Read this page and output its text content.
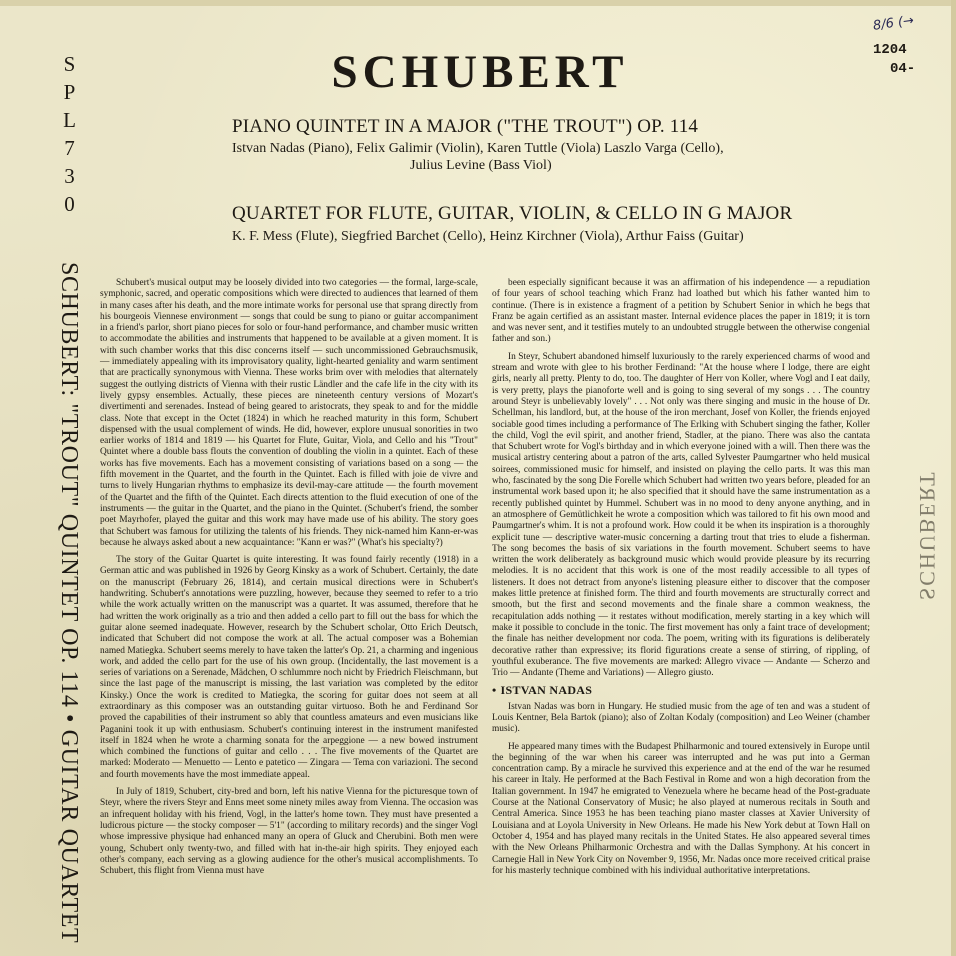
S
P
L
7
3
0
SCHUBERT: "TROUT" QUINTET OP. 114 • GUITAR QUARTET
8/6 (→
1204
04-
SCHUBERT
PIANO QUINTET IN A MAJOR ("THE TROUT") OP. 114
Istvan Nadas (Piano), Felix Galimir (Violin), Karen Tuttle (Viola) Laszlo Varga (Cello),
Julius Levine (Bass Viol)
QUARTET FOR FLUTE, GUITAR, VIOLIN, & CELLO IN G MAJOR
K. F. Mess (Flute), Siegfried Barchet (Cello), Heinz Kirchner (Viola), Arthur Faiss (Guitar)

Schubert's musical output may be loosely divided into two categories — the formal, large-scale, symphonic, sacred, and operatic compositions which were directed to audiences that learned of them in many cases after his death, and the more intimate works for personal use that sprang directly from his bourgeois Viennese environment — songs that could be sung to piano or guitar accompaniment in a friend's parlor, short piano pieces for solo or four-hand performance, and chamber music written to accommodate the abilities and instruments that happened to be available at a given moment. It is with such chamber works that this disc concerns itself — such uncommissioned Gebrauchsmusik, — immediately appealing with its improvisatory quality, light-hearted geniality and warm sentiment that are practically synonymous with Vienna. These works brim over with melodies that alternately suggest the outlying districts of Vienna with their rustic Ländler and the cafe life in the city with its lively gypsy ensembles. Actually, these pieces are nineteenth century versions of Mozart's divertimenti and serenades. Instead of being geared to aristocrats, they speak to and for the middle class. Note that except in the Octet (1824) in which he reached maturity in this form, Schubert dispensed with the usual complement of winds. He did, however, explore unusual sonorities in two earlier works of 1814 and 1819 — his Quartet for Flute, Guitar, Viola, and Cello and his "Trout" Quintet where a double bass flouts the convention of doubling the violin in a quintet. Each of these works has five movements. Each has a movement consisting of variations based on a song — the fifth movement in the Quartet, and the fourth in the Quintet. Each is filled with joie de vivre and turns to lively Hungarian rhythms to emphasize its devil-may-care attitude — the fourth movement of the Quartet and the fifth of the Quintet. Each directs attention to the fluid execution of one of the instruments — the guitar in the Quartet, and the piano in the Quintet. (Schubert's friend, the somber poet Mayrhofer, played the guitar and this work may have made use of his ability. The story goes that Schubert was famous for utilizing the talents of his friends. They nick-named him Kann-er-was because he always asked about a new acquaintance: "Kann er was?" (What's his specialty?)

The story of the Guitar Quartet is quite interesting. It was found fairly recently (1918) in a German attic and was published in 1926 by Georg Kinsky as a work of Schubert. Certainly, the date on the manuscript (February 26, 1814), and certain musical directions were in Schubert's handwriting. Schubert's annotations were puzzling, however, because they seemed to refer to a trio while the work actually written on the manuscript was a quartet. It was assumed, therefore that he had written the work originally as a trio and then added a cello part to fill out the bass for which the guitar alone seemed inadequate. However, research by the Schubert scholar, Otto Erich Deutsch, indicated that Schubert did not compose the work at all. The actual composer was a Bohemian named Matiegka. Schubert seems merely to have taken the latter's Op. 21, a charming and ingenious work, and added the cello part for the use of his own group. (Incidentally, the last movement is a series of variations on a Serenade, Mädchen, O schlummre noch nicht by Friedrich Fleischmann, but since the last page of the manuscript is missing, the last variation was completed by the editor Kinsky.) Once the work is credited to Matiegka, the scoring for guitar does not seem at all extraordinary as this composer was an outstanding guitar virtuoso. Both he and Ferdinand Sor proved the capabilities of their instrument so ably that countless amateurs and even musicians like Paganini took it up with enthusiasm. Schubert's continuing interest in the instrument manifested itself in 1824 when he wrote a charming sonata for the arpeggione — a new bowed instrument which combined the functions of guitar and cello . . . The five movements of the Quartet are marked: Moderato — Menuetto — Lento e patetico — Zingara — Tema con variazioni. The second and fourth movements have the most immediate appeal.

In July of 1819, Schubert, city-bred and born, left his native Vienna for the picturesque town of Steyr, where the rivers Steyr and Enns meet some ninety miles away from Vienna. The occasion was an infrequent holiday with his friend, Vogl, in the latter's home town. They must have presented a ludicrous picture — the stocky composer — 5'1" (according to military records) and the singer Vogl whose impressive physique had enhanced many an opera of Gluck and Cherubini. Both men were young, Schubert only twenty-two, and filled with hat in-the-air high spirits. They enjoyed each other's company, each serving as a glowing audience for the other's musical accomplishments. To Schubert, this flight from Vienna must have

been especially significant because it was an affirmation of his independence — a repudiation of four years of school teaching which Franz had loathed but which his father wanted him to continue. (There is in existence a fragment of a petition by Schubert Senior in which he begs that Franz be again certified as an assistant master. Internal evidence places the paper in 1819; it is torn and was never sent, and it testifies mutely to an undoubted struggle between the otherwise congenial father and son.)

In Steyr, Schubert abandoned himself luxuriously to the rarely experienced charms of wood and stream and wrote with glee to his brother Ferdinand: "At the house where I lodge, there are eight girls, nearly all pretty. Plenty to do, too. The daughter of Herr von Koller, where Vogl and I eat daily, is very pretty, plays the pianoforte well and is going to sing several of my songs . . . The country around Steyr is unbelievably lovely" . . . Not only was there singing and music in the house of Dr. Schellman, his landlord, but, at the house of the iron merchant, Josef von Koller, the friends enjoyed sociable good times including a performance of The Erlking with Schubert singing the father, Koller the child, Vogl the evil spirit, and another friend, Stadler, at the piano. There was also the cantata that Schubert wrote for Vogl's birthday and in which everyone joined with a will. Then there was the musical artistry centering about a patron of the arts, called Sylvester Paumgartner who held musical soirees, commissioned music for himself, and insisted on playing the cello parts. It was this man who, fascinated by the song Die Forelle which Schubert had written two years before, pleaded for an instrumental work based upon it; he also specified that it should have the same instrumentation as a recently published quintet by Hummel. Schubert was in no mood to deny anyone anything, and in an atmosphere of Gemütlichkeit he wrote a composition which was tailored to fit his own mood and Paumgartner's whim. It is not a profound work. How could it be when its inspiration is a thoroughly explicit tune — descriptive water-music concerning a darting trout that tries to elude a fisherman. The song becomes the basis of six variations in the fourth movement. Schubert seems to have written the work deliberately as background music which would provide pleasure by its recurring melodies. It is no accident that this work is one of the most readily accessible to all types of listeners. It does not detract from anyone's listening pleasure either to discover that the composer makes little pretence at finished form. The third and fourth movements are structurally correct and smooth, but the first and second movements and the finale share a common weakness, the recapitulation adds nothing — it restates without modification, merely starting in a key which will make it possible to conclude in the tonic. The first movement has only a faint trace of development; the finale has neither development nor coda. The poem, writing with its figurations is deliberately decorative rather than expressive; its florid figurations create a sense of stirring, of rippling, of youthful exuberance. The five movements are marked: Allegro vivace — Andante — Scherzo and Trio — Andante (Theme and Variations) — Allegro giusto.

• ISTVAN NADAS

Istvan Nadas was born in Hungary. He studied music from the age of ten and was a student of Louis Kentner, Bela Bartok (piano); also of Zoltan Kodaly (composition) and Leo Weiner (chamber music).

He appeared many times with the Budapest Philharmonic and toured extensively in Europe until the beginning of the war when his career was interrupted and he was put into a German concentration camp. By a miracle he survived this experience and at the end of the war he resumed his career in Italy. He performed at the Bach Festival in Rome and won a high decoration from the Italian government. In 1947 he emigrated to Venezuela where he became head of the Post-graduate Course at the National Conservatory of Music; he also played at numerous recitals in South and Central America. Since 1953 he has been teaching piano master classes at Xavier University of Louisiana and at Loyola University in New Orleans. He made his New York debut at Town Hall on October 4, 1954 and has played many recitals in the United States. He also appeared several times with the New Orleans Philharmonic Orchestra and with the Dallas Symphony. At his concert in Carnegie Hall in New York City on November 9, 1956, Mr. Nadas once more received critical praise for his masterly technique combined with his individual authoritative interpretations.

SCHUBERT
